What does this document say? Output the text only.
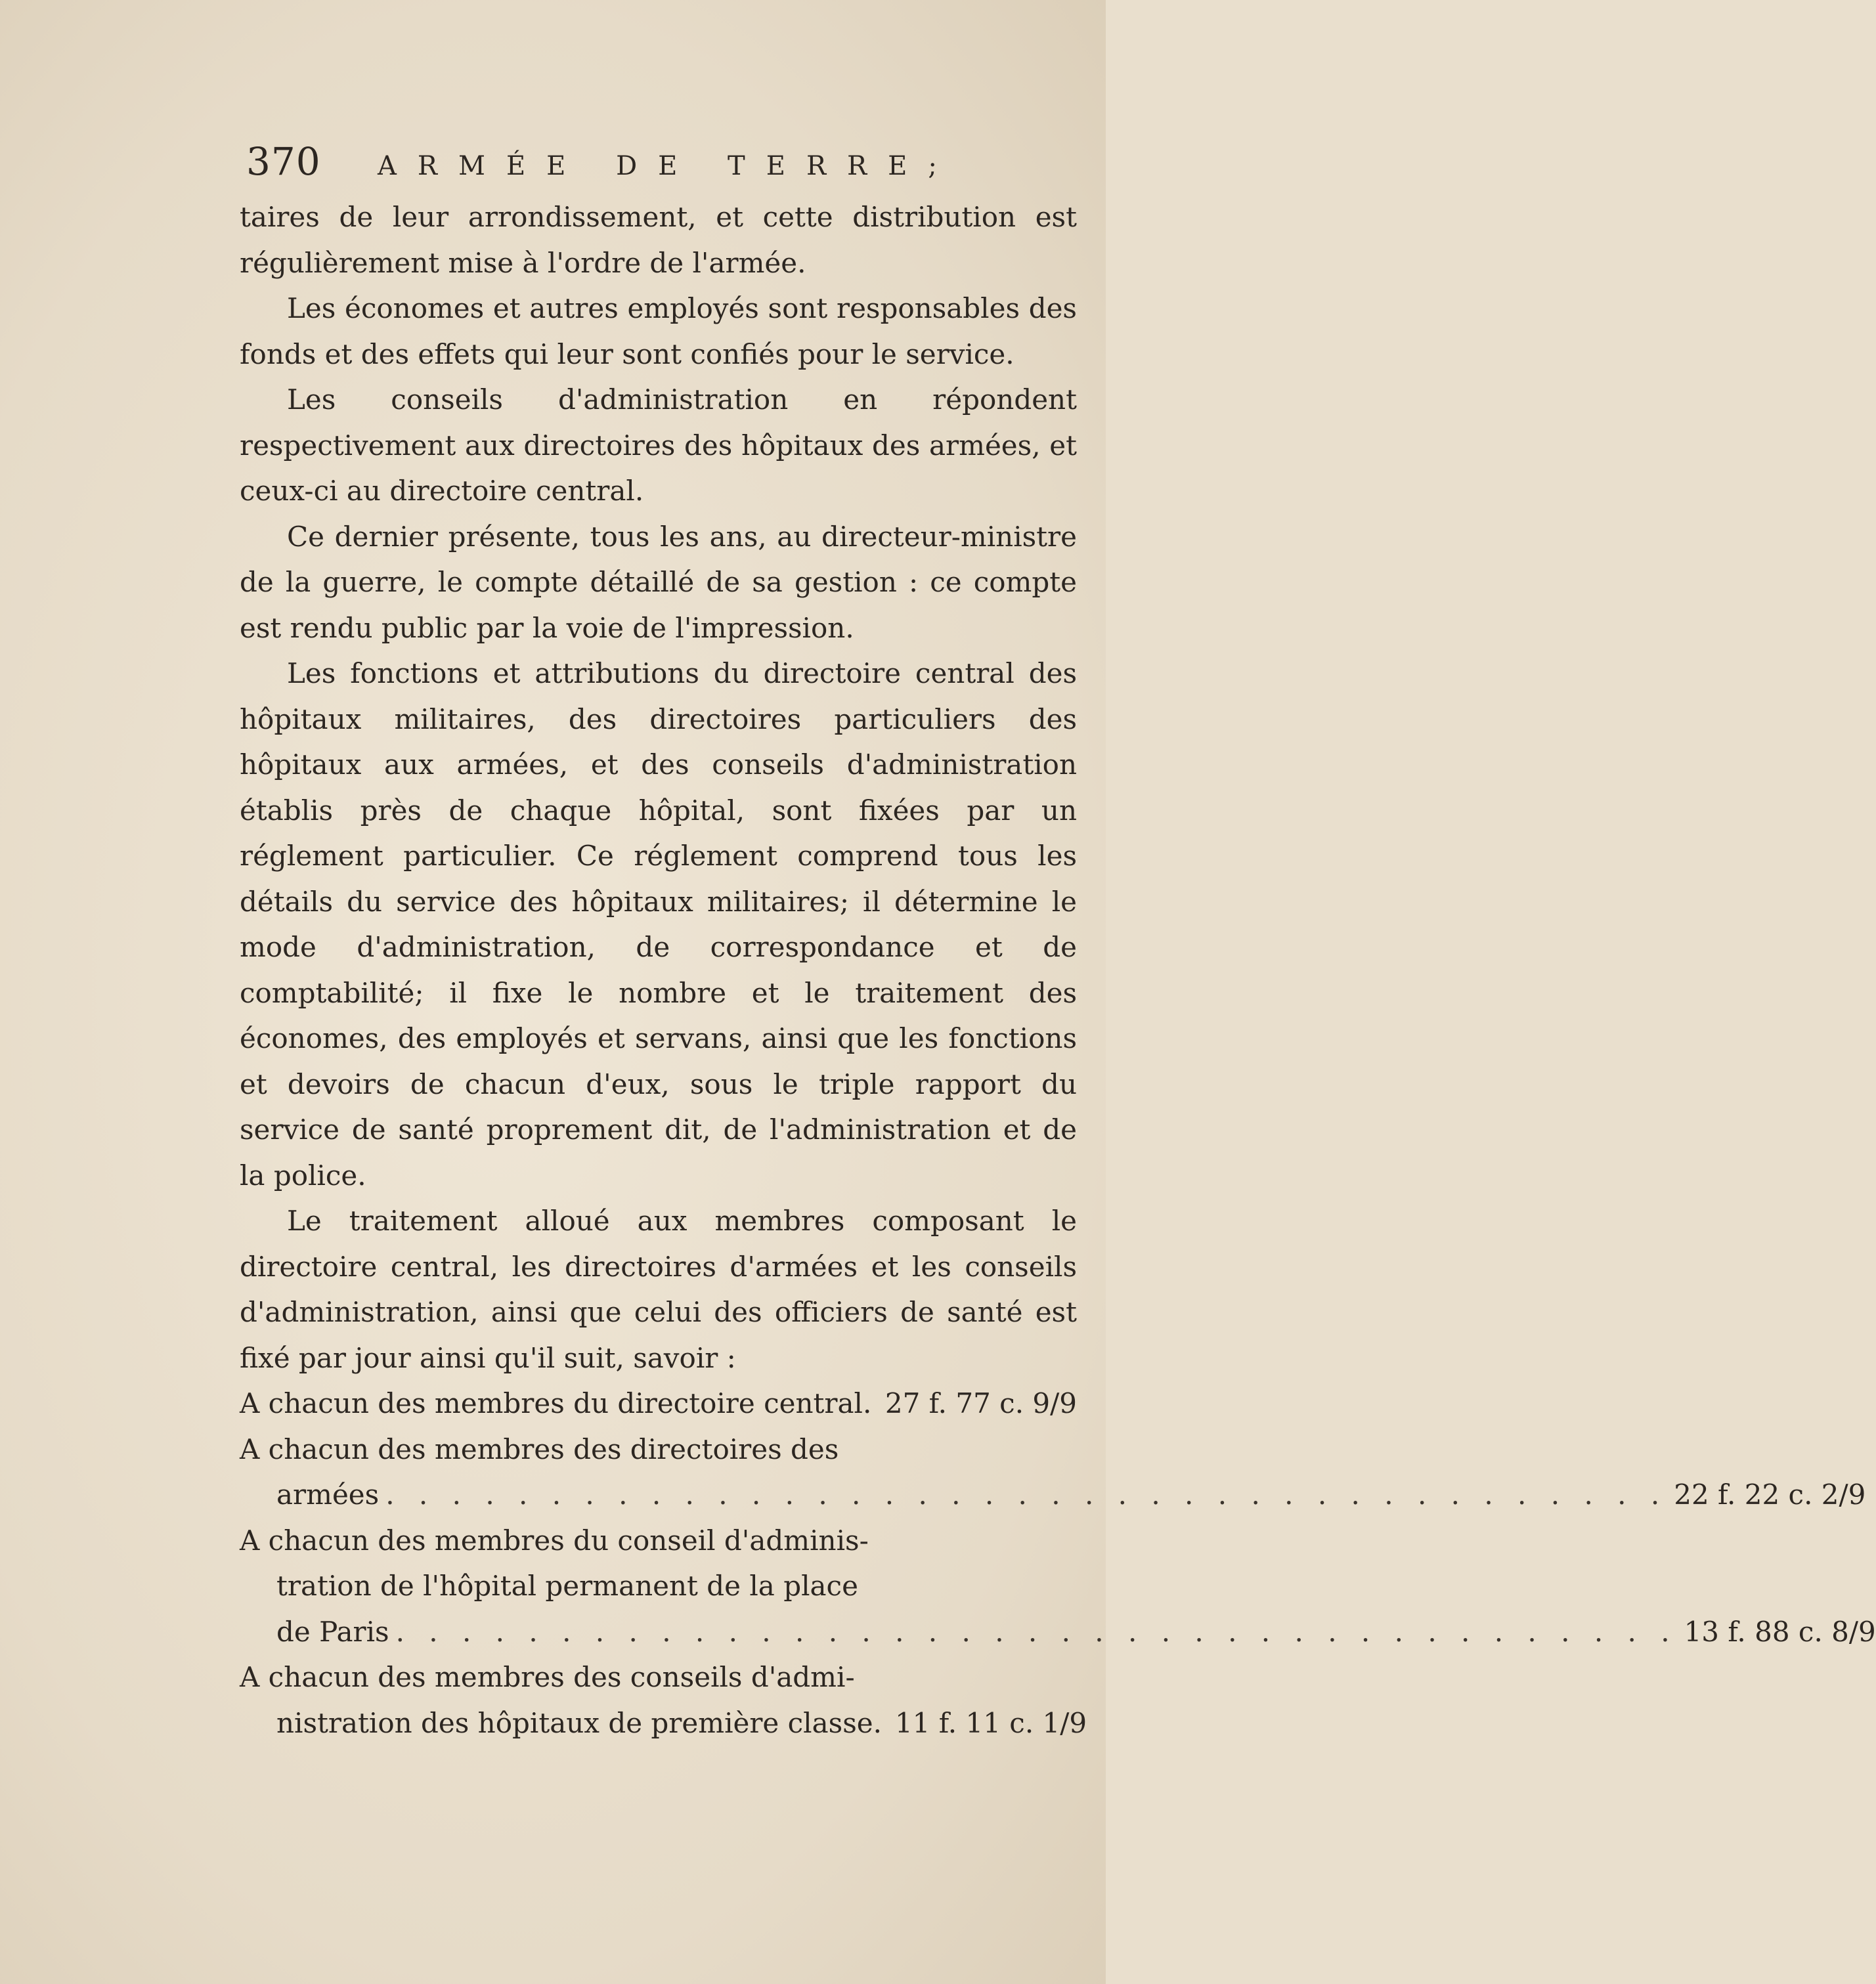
370	ARMÉE DE TERRE;

taires de leur arrondissement, et cette distribution est régulièrement mise à l'ordre de l'armée.

Les économes et autres employés sont responsables des fonds et des effets qui leur sont confiés pour le service.

Les conseils d'administration en répondent respectivement aux directoires des hôpitaux des armées, et ceux-ci au directoire central.

Ce dernier présente, tous les ans, au directeur-ministre de la guerre, le compte détaillé de sa gestion : ce compte est rendu public par la voie de l'impression.

Les fonctions et attributions du directoire central des hôpitaux militaires, des directoires particuliers des hôpitaux aux armées, et des conseils d'administration établis près de chaque hôpital, sont fixées par un réglement particulier. Ce réglement comprend tous les détails du service des hôpitaux militaires; il détermine le mode d'administration, de correspondance et de comptabilité; il fixe le nombre et le traitement des économes, des employés et servans, ainsi que les fonctions et devoirs de chacun d'eux, sous le triple rapport du service de santé proprement dit, de l'administration et de la police.

Le traitement alloué aux membres composant le directoire central, les directoires d'armées et les conseils d'administration, ainsi que celui des officiers de santé est fixé par jour ainsi qu'il suit, savoir :

A chacun des membres du directoire central. 27 f. 77 c. 9/9
A chacun des membres des directoires des
armées . . . . . . . . . . . . . . . . . . . . . . . . . . . . . . . . . . . . . . . 22 f. 22 c. 2/9
A chacun des membres du conseil d'adminis-
tration de l'hôpital permanent de la place
de Paris . . . . . . . . . . . . . . . . . . . . . . . . . . . . . . . . . . . . . . . 13 f. 88 c. 8/9
A chacun des membres des conseils d'admi-
nistration des hôpitaux de première classe. 11 f. 11 c. 1/9
